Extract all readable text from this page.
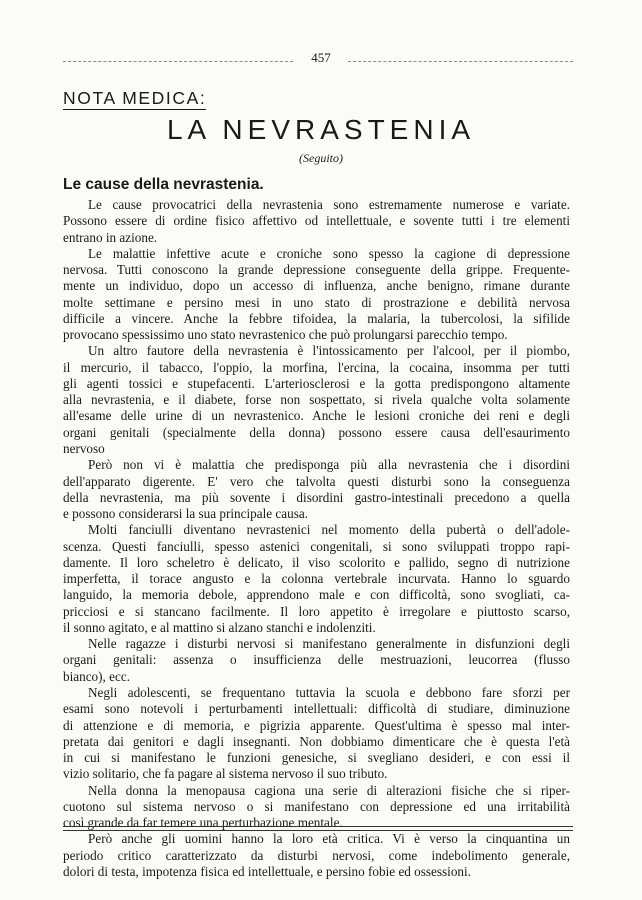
457
NOTA MEDICA:
LA NEVRASTENIA
(Seguito)
Le cause della nevrastenia.
Le cause provocatrici della nevrastenia sono estremamente numerose e variate.
Possono essere di ordine fisico affettivo od intellettuale, e sovente tutti i tre elementi
entrano in azione.
Le malattie infettive acute e croniche sono spesso la cagione di depressione
nervosa. Tutti conoscono la grande depressione conseguente della grippe. Frequente-
mente un individuo, dopo un accesso di influenza, anche benigno, rimane durante
molte settimane e persino mesi in uno stato di prostrazione e debilità nervosa
difficile a vincere. Anche la febbre tifoidea, la malaria, la tubercolosi, la sifilide
provocano spessissimo uno stato nevrastenico che può prolungarsi parecchio tempo.
Un altro fautore della nevrastenia è l'intossicamento per l'alcool, per il piombo,
il mercurio, il tabacco, l'oppio, la morfina, l'ercina, la cocaina, insomma per tutti
gli agenti tossici e stupefacenti. L'arteriosclerosi e la gotta predispongono altamente
alla nevrastenia, e il diabete, forse non sospettato, si rivela qualche volta solamente
all'esame delle urine di un nevrastenico. Anche le lesioni croniche dei reni e degli
organi genitali (specialmente della donna) possono essere causa dell'esaurimento
nervoso
Però non vi è malattia che predisponga più alla nevrastenia che i disordini
dell'apparato digerente. E' vero che talvolta questi disturbi sono la conseguenza
della nevrastenia, ma più sovente i disordini gastro-intestinali precedono a quella
e possono considerarsi la sua principale causa.
Molti fanciulli diventano nevrastenici nel momento della pubertà o dell'adole-
scenza. Questi fanciulli, spesso astenici congenitali, si sono sviluppati troppo rapi-
damente. Il loro scheletro è delicato, il viso scolorito e pallido, segno di nutrizione
imperfetta, il torace angusto e la colonna vertebrale incurvata. Hanno lo sguardo
languido, la memoria debole, apprendono male e con difficoltà, sono svogliati, ca-
pricciosi e si stancano facilmente. Il loro appetito è irregolare e piuttosto scarso,
il sonno agitato, e al mattino si alzano stanchi e indolenziti.
Nelle ragazze i disturbi nervosi si manifestano generalmente in disfunzioni degli
organi genitali: assenza o insufficienza delle mestruazioni, leucorrea (flusso
bianco), ecc.
Negli adolescenti, se frequentano tuttavia la scuola e debbono fare sforzi per
esami sono notevoli i perturbamenti intellettuali: difficoltà di studiare, diminuzione
di attenzione e di memoria, e pigrizia apparente. Quest'ultima è spesso mal inter-
pretata dai genitori e dagli insegnanti. Non dobbiamo dimenticare che è questa l'età
in cui si manifestano le funzioni genesiche, si svegliano desideri, e con essi il
vizio solitario, che fa pagare al sistema nervoso il suo tributo.
Nella donna la menopausa cagiona una serie di alterazioni fisiche che si riper-
cuotono sul sistema nervoso o si manifestano con depressione ed una irritabilità
così grande da far temere una perturbazione mentale.
Però anche gli uomini hanno la loro età critica. Vi è verso la cinquantina un
periodo critico caratterizzato da disturbi nervosi, come indebolimento generale,
dolori di testa, impotenza fisica ed intellettuale, e persino fobie ed ossessioni.
